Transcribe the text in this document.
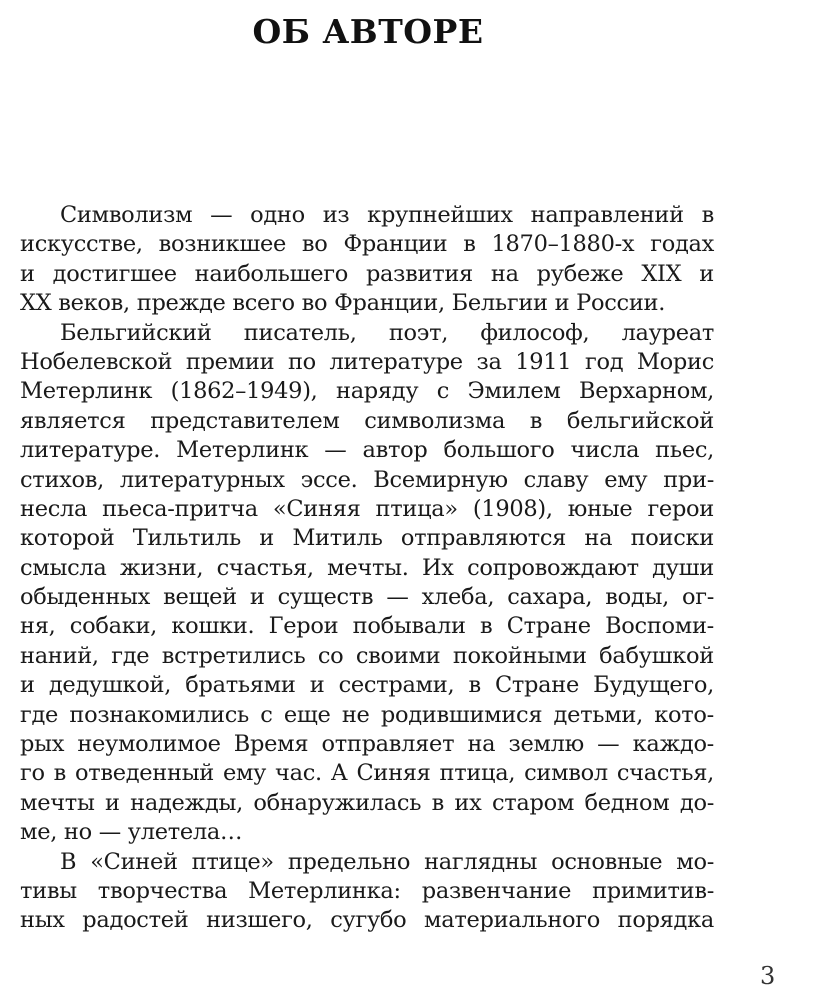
ОБ АВТОРЕ
Символизм — одно из крупнейших направлений в
искусстве, возникшее во Франции в 1870–1880-х годах
и достигшее наибольшего развития на рубеже XIX и
XX веков, прежде всего во Франции, Бельгии и России.
Бельгийский писатель, поэт, философ, лауреат
Нобелевской премии по литературе за 1911 год Морис
Метерлинк (1862–1949), наряду с Эмилем Верхарном,
является представителем символизма в бельгийской
литературе. Метерлинк — автор большого числа пьес,
стихов, литературных эссе. Всемирную славу ему при-
несла пьеса-притча «Синяя птица» (1908), юные герои
которой Тильтиль и Митиль отправляются на поиски
смысла жизни, счастья, мечты. Их сопровождают души
обыденных вещей и существ — хлеба, сахара, воды, ог-
ня, собаки, кошки. Герои побывали в Стране Воспоми-
наний, где встретились со своими покойными бабушкой
и дедушкой, братьями и сестрами, в Стране Будущего,
где познакомились с еще не родившимися детьми, кото-
рых неумолимое Время отправляет на землю — каждо-
го в отведенный ему час. А Синяя птица, символ счастья,
мечты и надежды, обнаружилась в их старом бедном до-
ме, но — улетела…
В «Синей птице» предельно наглядны основные мо-
тивы творчества Метерлинка: развенчание примитив-
ных радостей низшего, сугубо материального порядка
3
